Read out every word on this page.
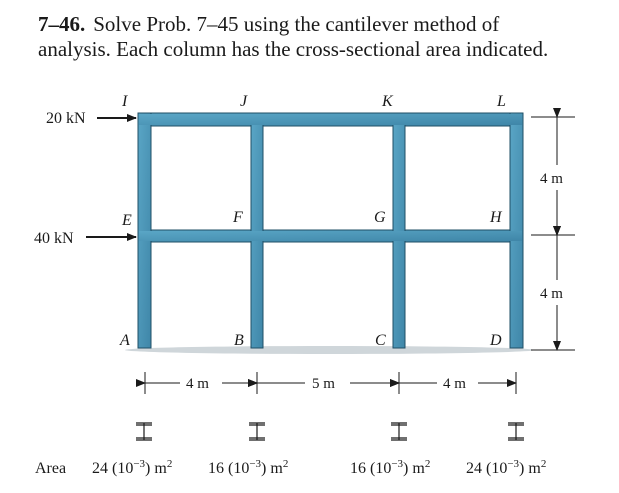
7–46. Solve Prob. 7–45 using the cantilever method of
analysis. Each column has the cross-sectional area indicated.
I	J	K	L
E	F	G	H
A	B	C	D
20 kN
40 kN
4 m
4 m
4 m	5 m	4 m
Area 24 $(10^{-3})$ $m^2$ 16 $(10^{-3})$ $m^2$	16 $(10^{-3})$ $m^2$ 24 $(10^{-3})$ $m^2$
